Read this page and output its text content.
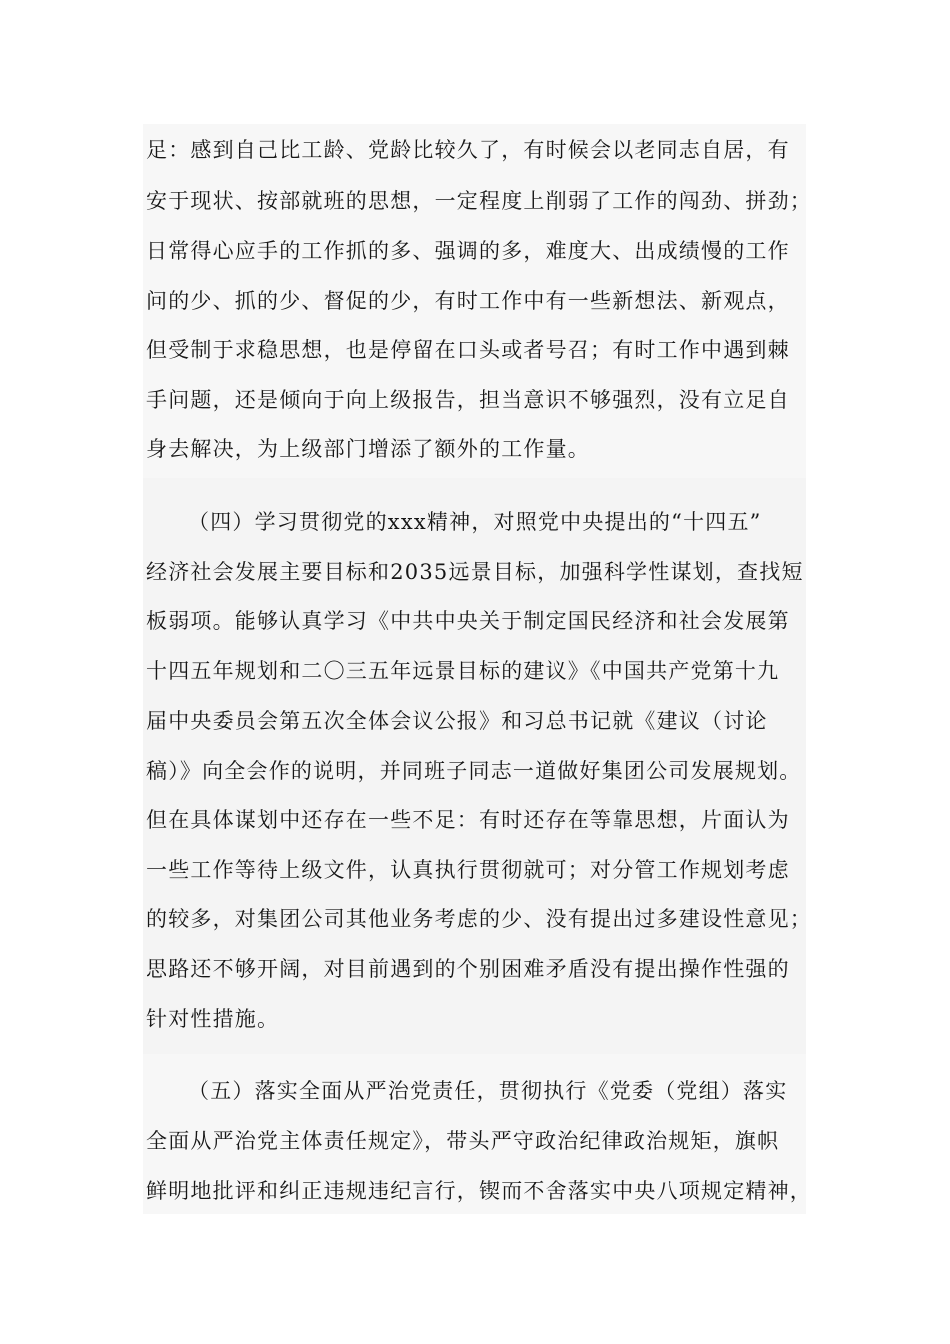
足：感到自己比工龄、党龄比较久了，有时候会以老同志自居，有
安于现状、按部就班的思想，一定程度上削弱了工作的闯劲、拼劲；
日常得心应手的工作抓的多、强调的多，难度大、出成绩慢的工作
问的少、抓的少、督促的少，有时工作中有一些新想法、新观点，
但受制于求稳思想，也是停留在口头或者号召；有时工作中遇到棘
手问题，还是倾向于向上级报告，担当意识不够强烈，没有立足自
身去解决，为上级部门增添了额外的工作量。
（四）学习贯彻党的xxx精神，对照党中央提出的“十四五”
经济社会发展主要目标和2035远景目标，加强科学性谋划，查找短
板弱项。能够认真学习《中共中央关于制定国民经济和社会发展第
十四五年规划和二〇三五年远景目标的建议》《中国共产党第十九
届中央委员会第五次全体会议公报》和习总书记就《建议（讨论
稿）》向全会作的说明，并同班子同志一道做好集团公司发展规划。
但在具体谋划中还存在一些不足：有时还存在等靠思想，片面认为
一些工作等待上级文件，认真执行贯彻就可；对分管工作规划考虑
的较多，对集团公司其他业务考虑的少、没有提出过多建设性意见；
思路还不够开阔，对目前遇到的个别困难矛盾没有提出操作性强的
针对性措施。
（五）落实全面从严治党责任，贯彻执行《党委（党组）落实
全面从严治党主体责任规定》，带头严守政治纪律政治规矩，旗帜
鲜明地批评和纠正违规违纪言行，锲而不舍落实中央八项规定精神，
